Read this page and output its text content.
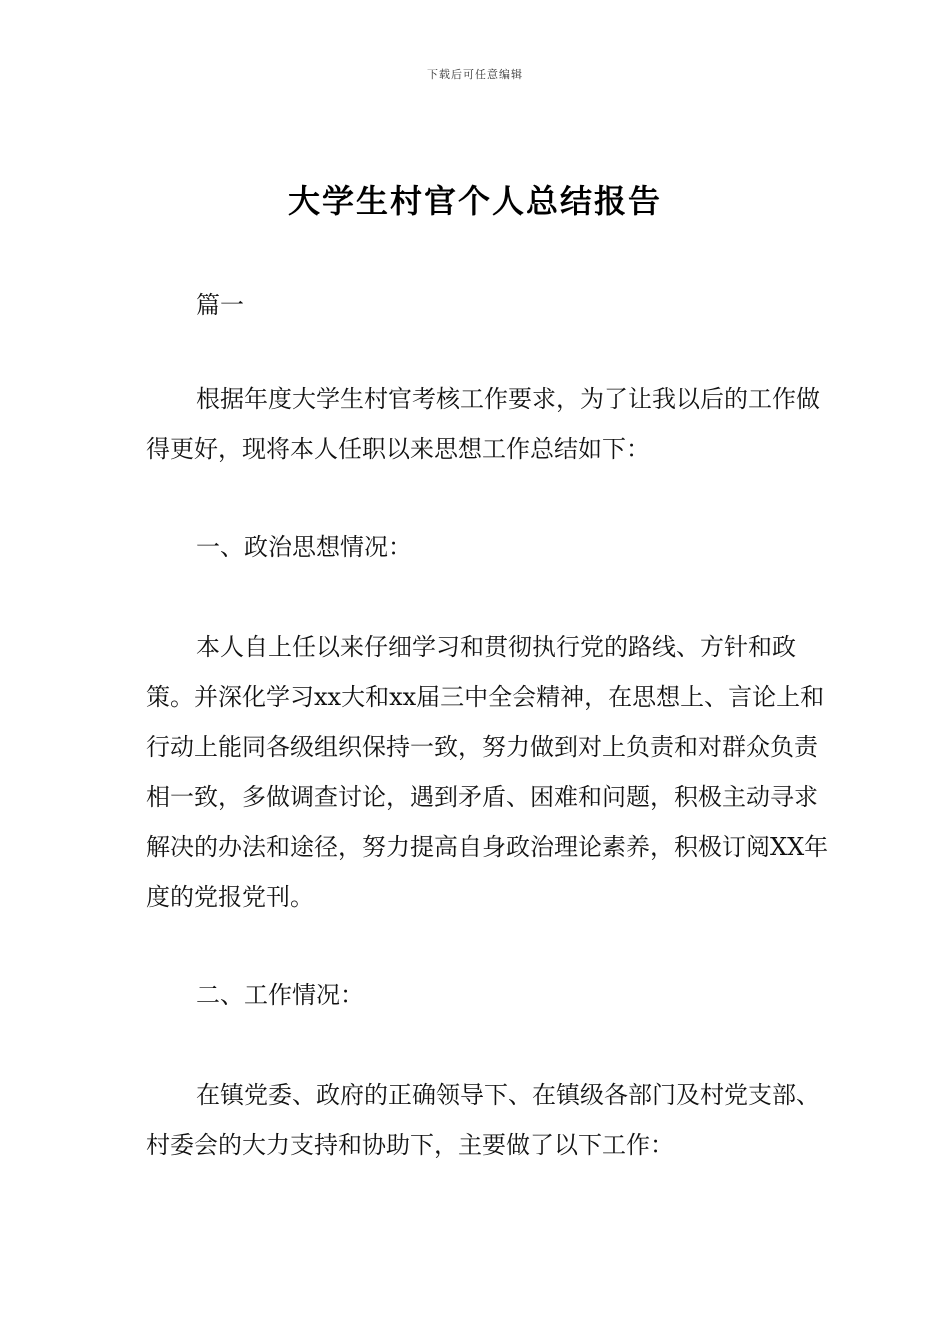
下载后可任意编辑
大学生村官个人总结报告

篇一

根据年度大学生村官考核工作要求，为了让我以后的工作做得更好，现将本人任职以来思想工作总结如下：

一、政治思想情况：

本人自上任以来仔细学习和贯彻执行党的路线、方针和政策。并深化学习xx大和xx届三中全会精神，在思想上、言论上和行动上能同各级组织保持一致，努力做到对上负责和对群众负责相一致，多做调查讨论，遇到矛盾、困难和问题，积极主动寻求解决的办法和途径，努力提高自身政治理论素养，积极订阅XX年度的党报党刊。

二、工作情况：

在镇党委、政府的正确领导下、在镇级各部门及村党支部、村委会的大力支持和协助下，主要做了以下工作：
